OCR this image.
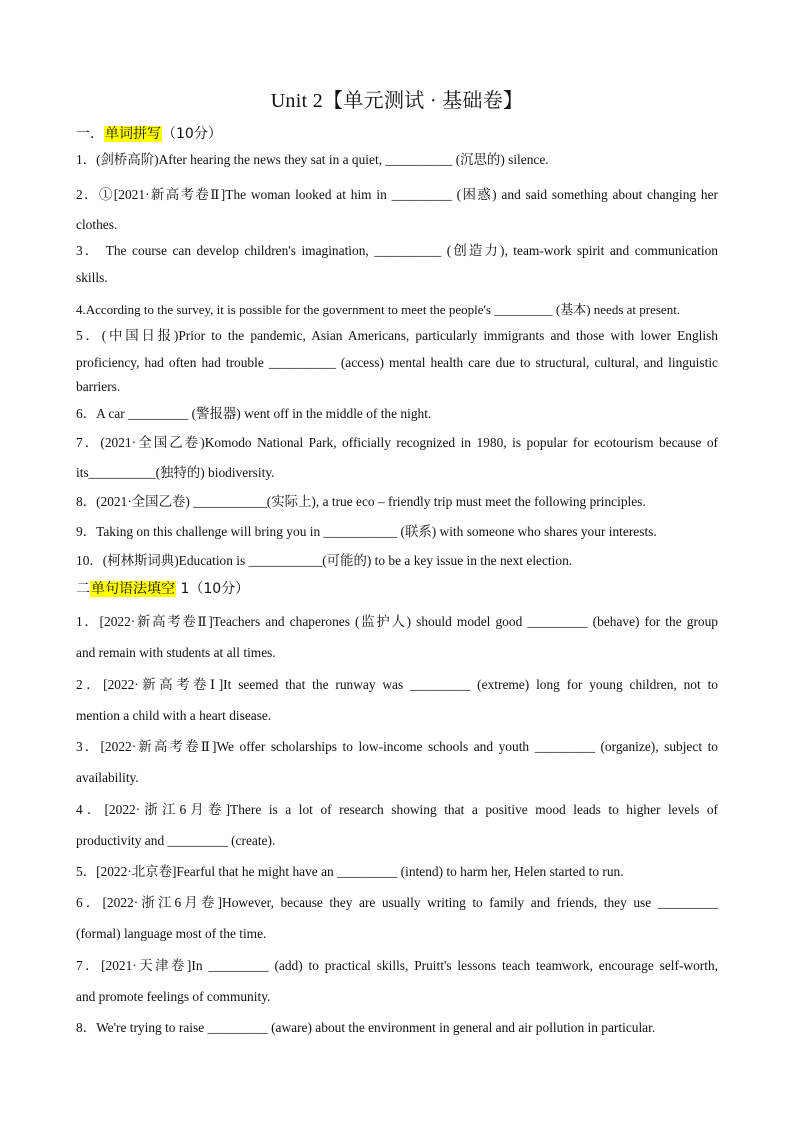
Unit 2【单元测试 · 基础卷】
一．单词拼写（10分）
1．(剑桥高阶)After hearing the news they sat in a quiet, __________ (沉思的) silence.
2．①[2021·新高考卷Ⅱ]The woman looked at him in _________ (困惑) and said something about changing her
clothes.
3． The course can develop children's imagination, __________ (创造力), team-work spirit and communication
skills.
4.According to the survey, it is possible for the government to meet the people's _________ (基本) needs at present.
5．(中国日报)Prior to the pandemic, Asian Americans, particularly immigrants and those with lower English
proficiency, had often had trouble __________ (access) mental health care due to structural, cultural, and linguistic
barriers.
6．A car _________ (警报器) went off in the middle of the night.
7．(2021·全国乙卷)Komodo National Park, officially recognized in 1980, is popular for ecotourism because of
its__________(独特的) biodiversity.
8．(2021·全国乙卷) ___________(实际上), a true eco – friendly trip must meet the following principles.
9．Taking on this challenge will bring you in ___________ (联系) with someone who shares your interests.
10．(柯林斯词典)Education is ___________(可能的) to be a key issue in the next election.
二单句语法填空 1（10分）
1．[2022·新高考卷Ⅱ]Teachers and chaperones (监护人) should model good _________ (behave) for the group
and remain with students at all times.
2．[2022·新高考卷Ⅰ]It seemed that the runway was _________ (extreme) long for young children, not to
mention a child with a heart disease.
3．[2022·新高考卷Ⅱ]We offer scholarships to low-income schools and youth _________ (organize), subject to
availability.
4．[2022·浙江6月卷]There is a lot of research showing that a positive mood leads to higher levels of
productivity and _________ (create).
5．[2022·北京卷]Fearful that he might have an _________ (intend) to harm her, Helen started to run.
6．[2022·浙江6月卷]However, because they are usually writing to family and friends, they use _________
(formal) language most of the time.
7．[2021·天津卷]In _________ (add) to practical skills, Pruitt's lessons teach teamwork, encourage self-worth,
and promote feelings of community.
8．We're trying to raise _________ (aware) about the environment in general and air pollution in particular.
